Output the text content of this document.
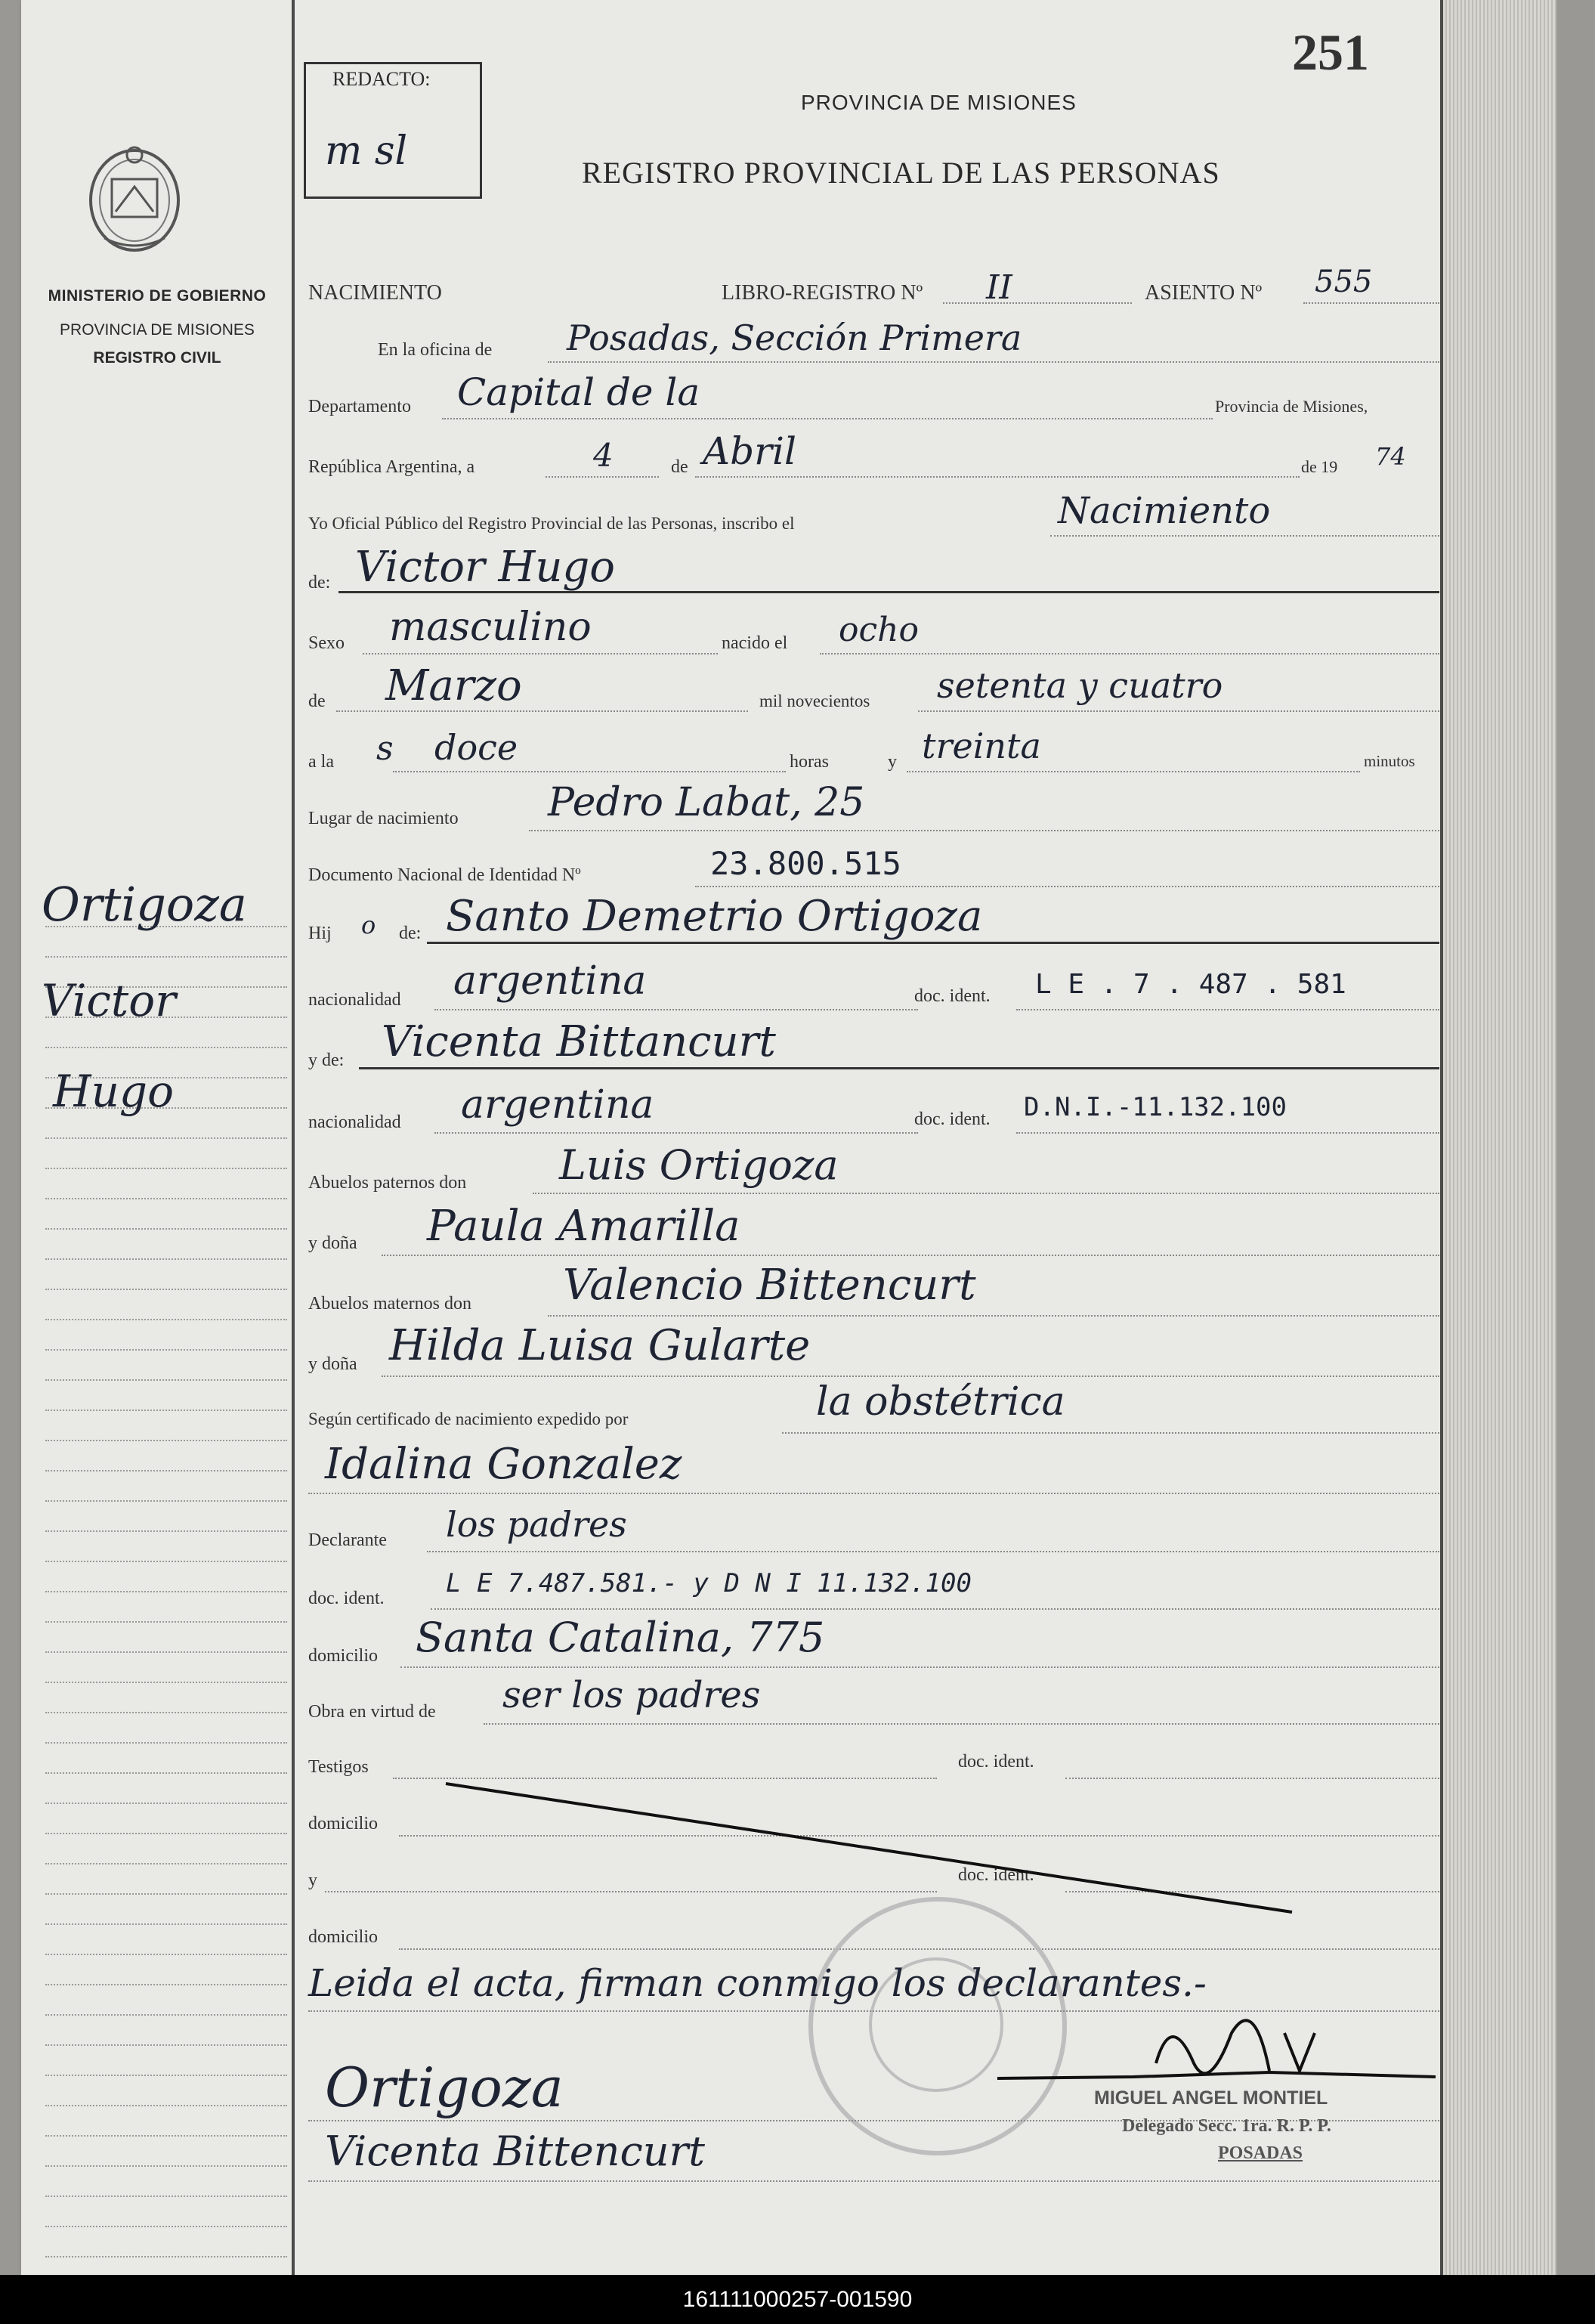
MINISTERIO DE GOBIERNO
PROVINCIA DE MISIONES
REGISTRO CIVIL
Ortigoza
Victor
Hugo
251
REDACTO:
m sl
PROVINCIA DE MISIONES
REGISTRO PROVINCIAL DE LAS PERSONAS
NACIMIENTO	LIBRO-REGISTRO Nº II	ASIENTO Nº 555
En la oficina de Posadas, Sección Primera
Departamento Capital de la	Provincia de Misiones,
República Argentina, a	4	de Abril	de 19 74
Yo Oficial Público del Registro Provincial de las Personas, inscribo el	Nacimiento
de: Victor Hugo
Sexo masculino	nacido el ocho
de Marzo	mil novecientos setenta y cuatro
a la s doce	horas	y treinta	minutos
Lugar de nacimiento Pedro Labat, 25
Documento Nacional de Identidad Nº	23.800.515
Hij o de: Santo Demetrio Ortigoza
nacionalidad argentina	doc. ident. L E . 7 . 487 . 581
y de: Vicenta Bittancurt
nacionalidad argentina	doc. ident. D.N.I.-11.132.100
Abuelos paternos don Luis Ortigoza
y doña Paula Amarilla
Abuelos maternos don Valencio Bittencurt
y doña Hilda Luisa Gularte
Según certificado de nacimiento expedido por	la obstétrica
Idalina Gonzalez
Declarante los padres
doc. ident. L E 7.487.581.- y D N I 11.132.100
domicilio Santa Catalina, 775
Obra en virtud de ser los padres
Testigos	doc. ident.
domicilio
y	doc. ident.
domicilio
Leida el acta, firman conmigo los declarantes.-
Ortigoza
Vicenta Bittencurt
MIGUEL ANGEL MONTIEL
Delegado Secc. 1ra. R. P. P.
POSADAS
161111000257-001590
